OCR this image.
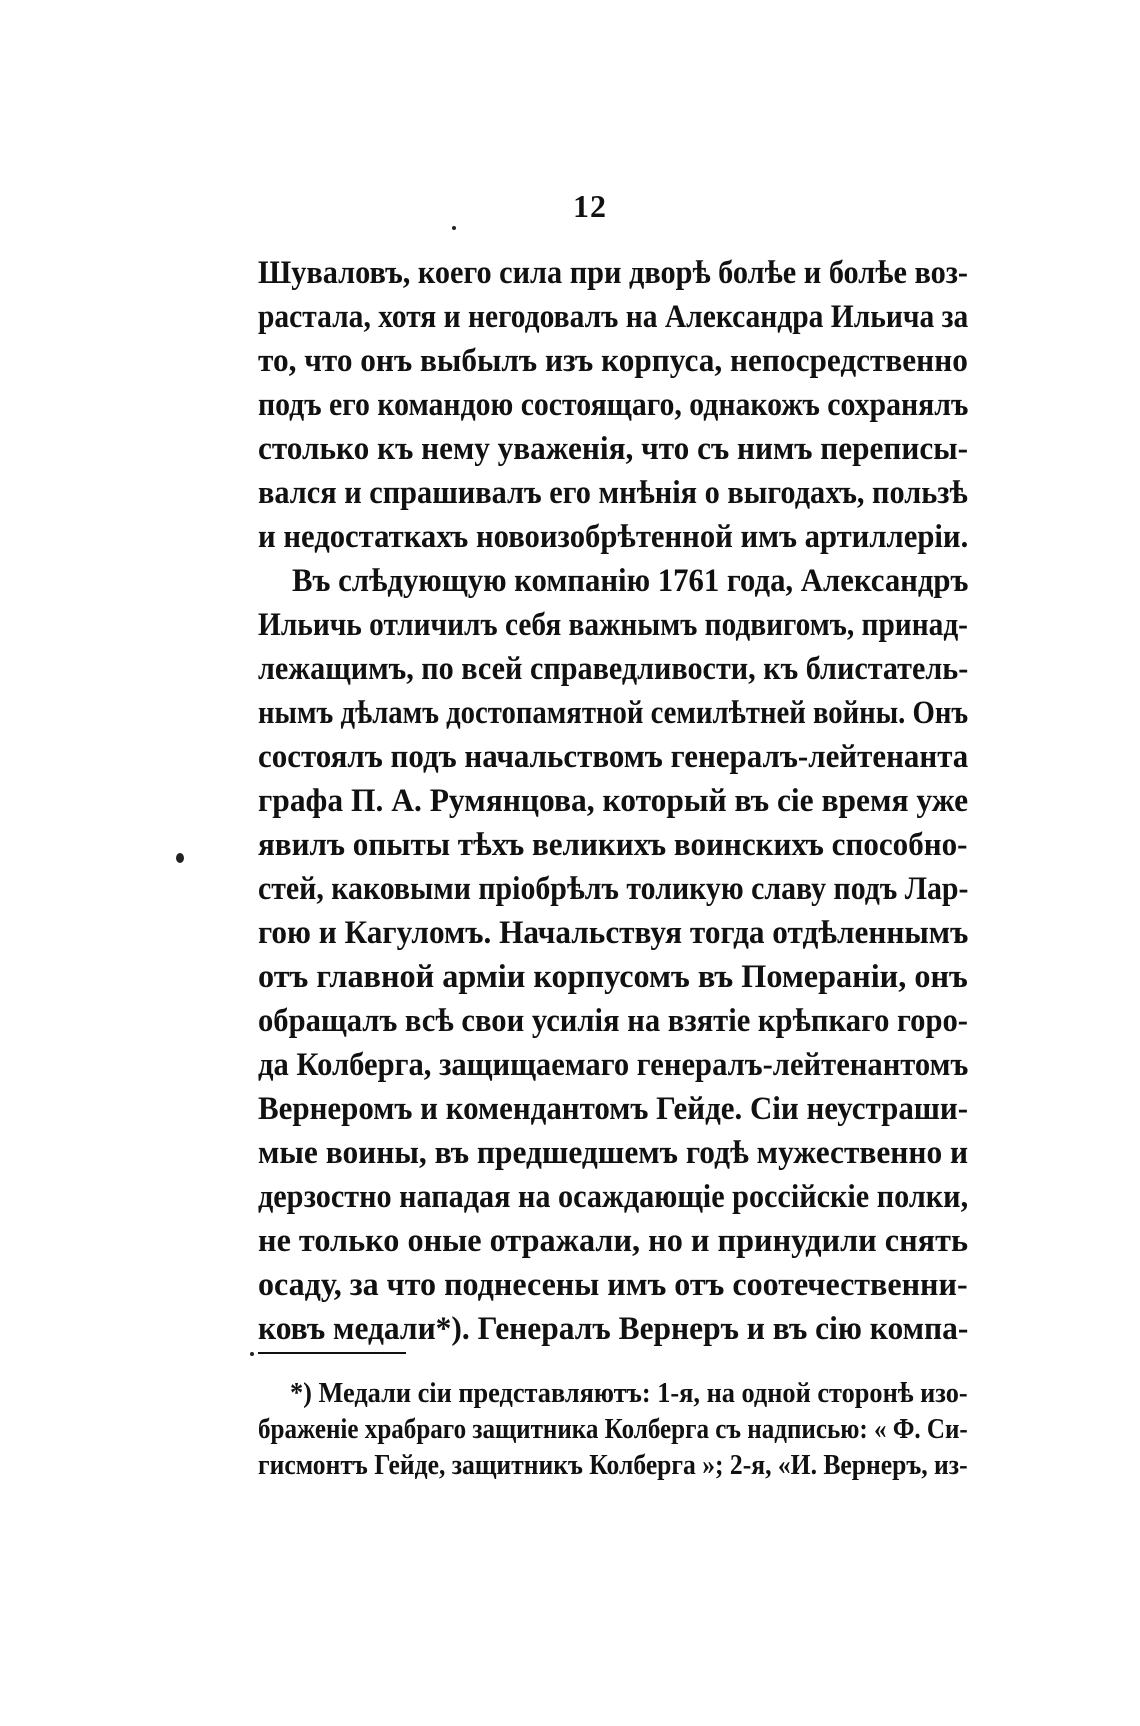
12
Шуваловъ, коего сила при дворѣ болѣе и болѣе воз-
растала, хотя и негодовалъ на Александра Ильича за
то, что онъ выбылъ изъ корпуса, непосредственно
подъ его командою состоящаго, однакожъ сохранялъ
столько къ нему уваженія, что съ нимъ переписы-
вался и спрашивалъ его мнѣнія о выгодахъ, пользѣ
и недостаткахъ новоизобрѣтенной имъ артиллеріи.
Въ слѣдующую компанію 1761 года, Александръ
Ильичь отличилъ себя важнымъ подвигомъ, принад-
лежащимъ, по всей справедливости, къ блистатель-
нымъ дѣламъ достопамятной семилѣтней войны. Онъ
состоялъ подъ начальствомъ генералъ-лейтенанта
графа П. А. Румянцова, который въ сіе время уже
явилъ опыты тѣхъ великихъ воинскихъ способно-
стей, каковыми пріобрѣлъ толикую славу подъ Лар-
гою и Кагуломъ. Начальствуя тогда отдѣленнымъ
отъ главной арміи корпусомъ въ Помераніи, онъ
обращалъ всѣ свои усилія на взятіе крѣпкаго горо-
да Колберга, защищаемаго генералъ-лейтенантомъ
Вернеромъ и комендантомъ Гейде. Сіи неустраши-
мые воины, въ предшедшемъ годѣ мужественно и
дерзостно нападая на осаждающіе россійскіе полки,
не только оные отражали, но и принудили снять
осаду, за что поднесены имъ отъ соотечественни-
ковъ медали*). Генералъ Вернеръ и въ сію компа-
*) Медали сіи представляютъ: 1-я, на одной сторонѣ изо-
браженіе храбраго защитника Колберга съ надписью: « Ф. Си-
гисмонтъ Гейде, защитникъ Колберга »; 2-я, «И. Вернеръ, из-
